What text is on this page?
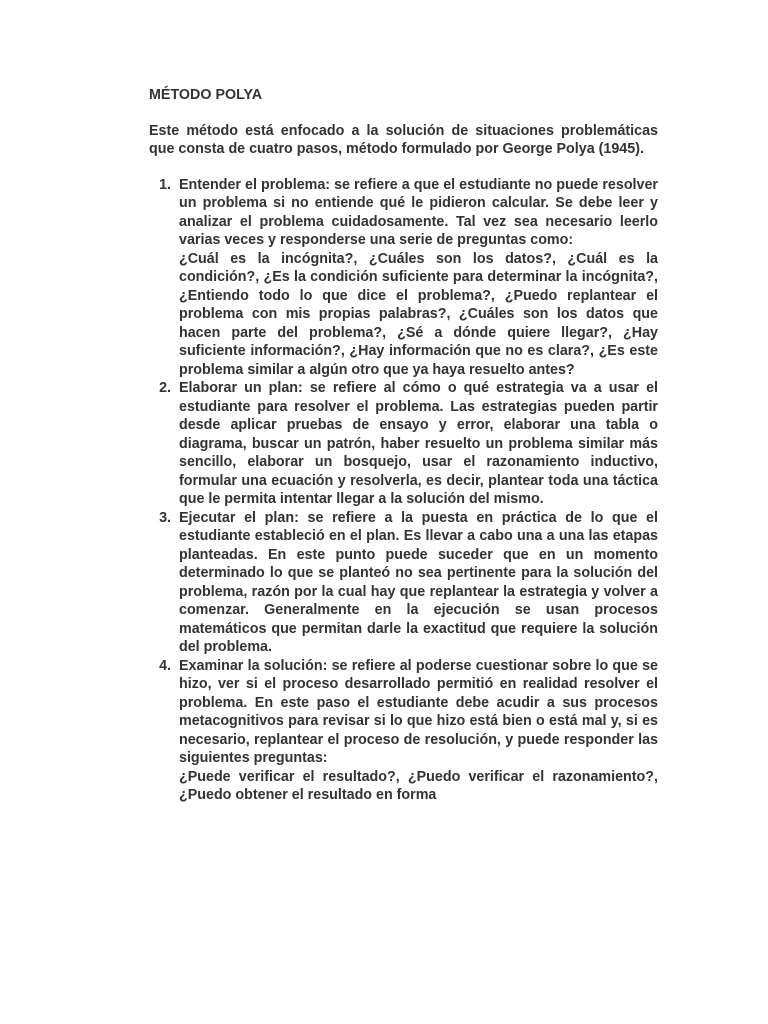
MÉTODO POLYA

Este método está enfocado a la solución de situaciones problemáticas que consta de cuatro pasos, método formulado por George Polya (1945).

1. Entender el problema: se refiere a que el estudiante no puede resolver un problema si no entiende qué le pidieron calcular. Se debe leer y analizar el problema cuidadosamente. Tal vez sea necesario leerlo varias veces y responderse una serie de preguntas como:

¿Cuál es la incógnita?, ¿Cuáles son los datos?, ¿Cuál es la condición?, ¿Es la condición suficiente para determinar la incógnita?, ¿Entiendo todo lo que dice el problema?, ¿Puedo replantear el problema con mis propias palabras?, ¿Cuáles son los datos que hacen parte del problema?, ¿Sé a dónde quiere llegar?, ¿Hay suficiente información?, ¿Hay información que no es clara?, ¿Es este problema similar a algún otro que ya haya resuelto antes?

2. Elaborar un plan: se refiere al cómo o qué estrategia va a usar el estudiante para resolver el problema. Las estrategias pueden partir desde aplicar pruebas de ensayo y error, elaborar una tabla o diagrama, buscar un patrón, haber resuelto un problema similar más sencillo, elaborar un bosquejo, usar el razonamiento inductivo, formular una ecuación y resolverla, es decir, plantear toda una táctica que le permita intentar llegar a la solución del mismo.

3. Ejecutar el plan: se refiere a la puesta en práctica de lo que el estudiante estableció en el plan. Es llevar a cabo una a una las etapas planteadas. En este punto puede suceder que en un momento determinado lo que se planteó no sea pertinente para la solución del problema, razón por la cual hay que replantear la estrategia y volver a comenzar. Generalmente en la ejecución se usan procesos matemáticos que permitan darle la exactitud que requiere la solución del problema.

4. Examinar la solución: se refiere al poderse cuestionar sobre lo que se hizo, ver si el proceso desarrollado permitió en realidad resolver el problema. En este paso el estudiante debe acudir a sus procesos metacognitivos para revisar si lo que hizo está bien o está mal y, si es necesario, replantear el proceso de resolución, y puede responder las siguientes preguntas:

¿Puede verificar el resultado?, ¿Puedo verificar el razonamiento?, ¿Puedo obtener el resultado en forma
